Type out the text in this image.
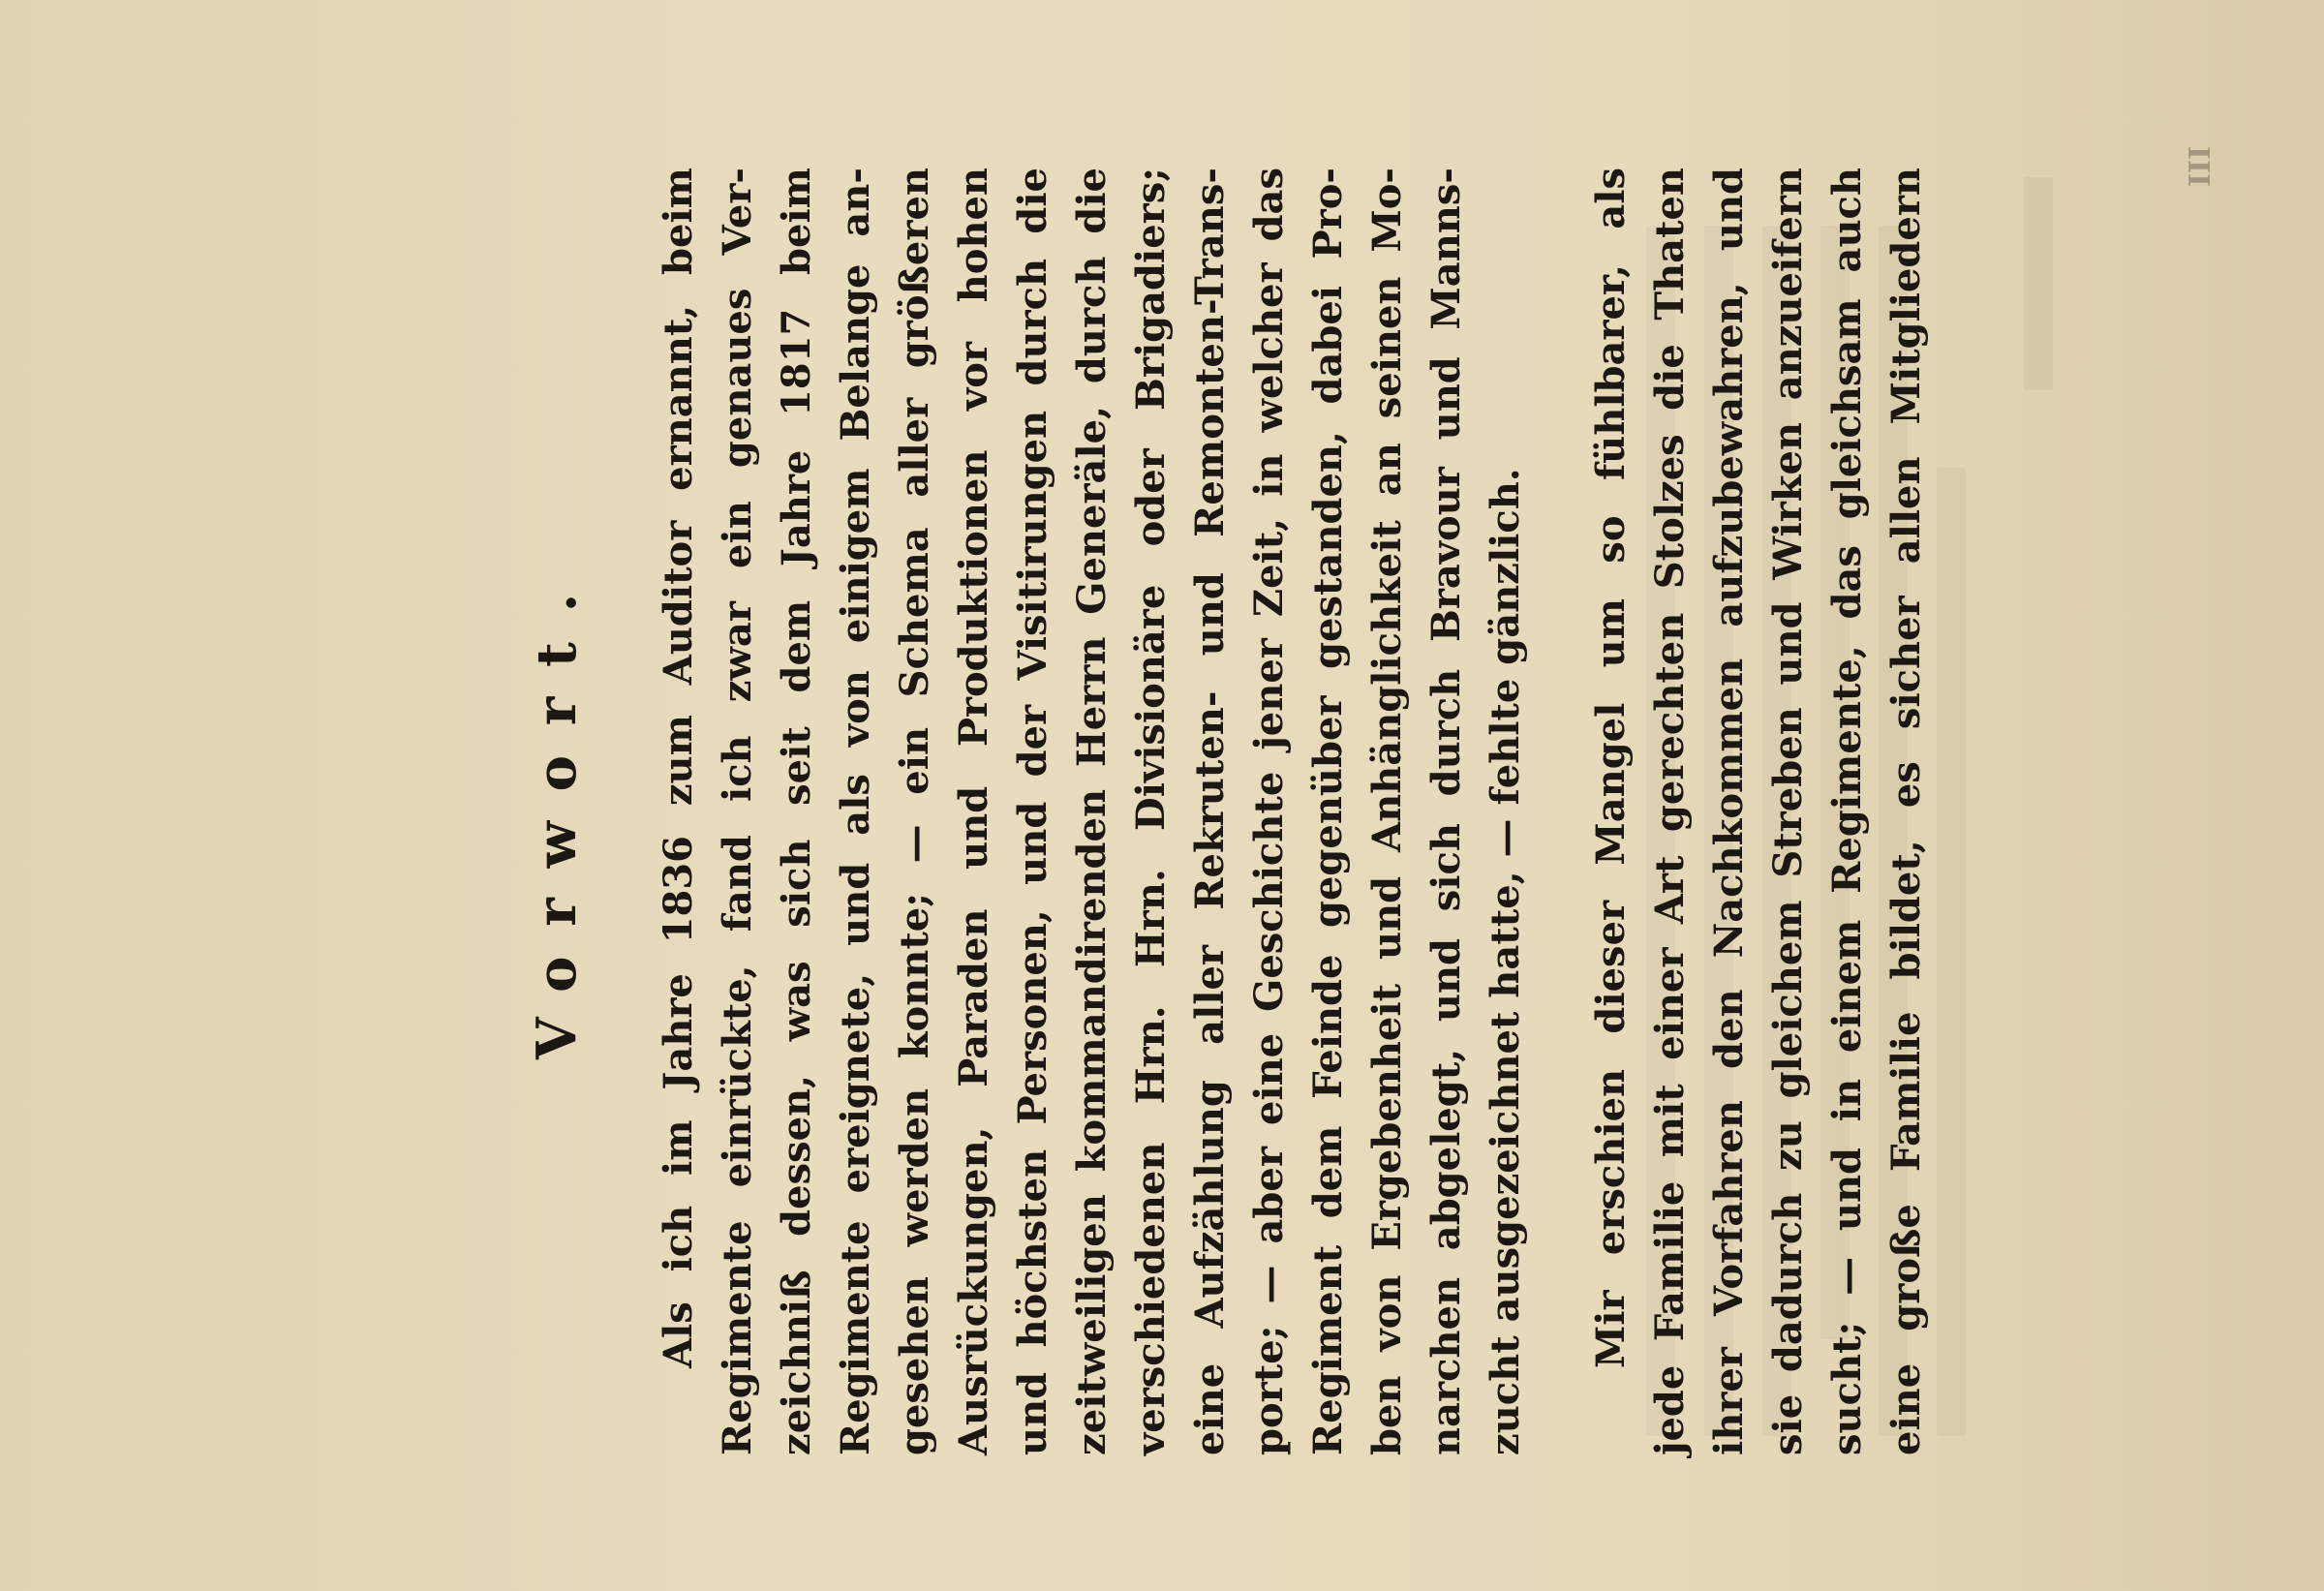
III
Vorwort. Als ich im Jahre 1836 zum Auditor ernannt, beim Regimente einrückte, fand ich zwar ein genaues Ver- zeichniß dessen, was sich seit dem Jahre 1817 beim Regimente ereignete, und als von einigem Belange an- gesehen werden konnte; — ein Schema aller größeren Ausrückungen, Paraden und Produktionen vor hohen und höchsten Personen, und der Visitirungen durch die zeitweiligen kommandirenden Herrn Generäle, durch die verschiedenen Hrn. Hrn. Divisionäre oder Brigadiers; eine Aufzählung aller Rekruten- und Remonten-Trans- porte; — aber eine Geschichte jener Zeit, in welcher das Regiment dem Feinde gegenüber gestanden, dabei Pro- ben von Ergebenheit und Anhänglichkeit an seinen Mo- narchen abgelegt, und sich durch Bravour und Manns- zucht ausgezeichnet hatte, — fehlte gänzlich. Mir erschien dieser Mangel um so fühlbarer, als jede Familie mit einer Art gerechten Stolzes die Thaten ihrer Vorfahren den Nachkommen aufzubewahren, und sie dadurch zu gleichem Streben und Wirken anzueifern sucht; — und in einem Regimente, das gleichsam auch eine große Familie bildet, es sicher allen Mitgliedern
